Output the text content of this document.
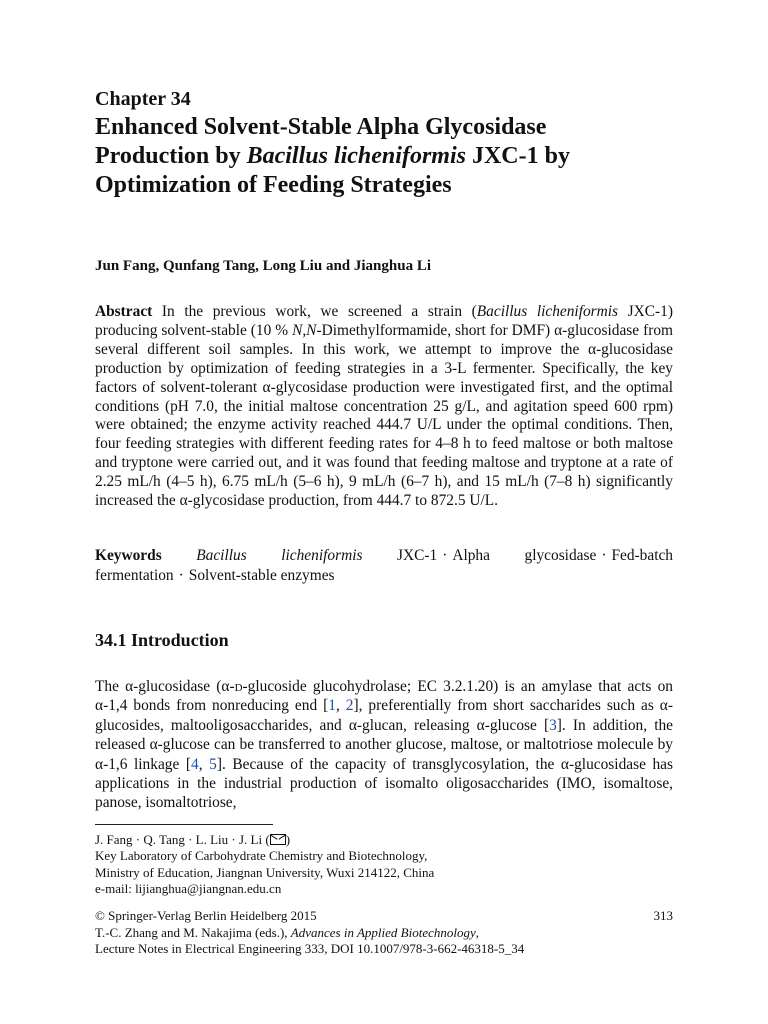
Chapter 34
Enhanced Solvent-Stable Alpha Glycosidase Production by Bacillus licheniformis JXC-1 by Optimization of Feeding Strategies
Jun Fang, Qunfang Tang, Long Liu and Jianghua Li
Abstract In the previous work, we screened a strain (Bacillus licheniformis JXC-1) producing solvent-stable (10 % N,N-Dimethylformamide, short for DMF) α-glucosidase from several different soil samples. In this work, we attempt to improve the α-glucosidase production by optimization of feeding strategies in a 3-L fermenter. Specifically, the key factors of solvent-tolerant α-glycosidase production were investigated first, and the optimal conditions (pH 7.0, the initial maltose concentration 25 g/L, and agitation speed 600 rpm) were obtained; the enzyme activity reached 444.7 U/L under the optimal conditions. Then, four feeding strategies with different feeding rates for 4–8 h to feed maltose or both maltose and tryptone were carried out, and it was found that feeding maltose and tryptone at a rate of 2.25 mL/h (4–5 h), 6.75 mL/h (5–6 h), 9 mL/h (6–7 h), and 15 mL/h (7–8 h) significantly increased the α-glycosidase production, from 444.7 to 872.5 U/L.
Keywords Bacillus licheniformis JXC-1 · Alpha glycosidase · Fed-batch fermentation · Solvent-stable enzymes
34.1 Introduction
The α-glucosidase (α-d-glucoside glucohydrolase; EC 3.2.1.20) is an amylase that acts on α-1,4 bonds from nonreducing end [1, 2], preferentially from short saccharides such as α-glucosides, maltooligosaccharides, and α-glucan, releasing α-glucose [3]. In addition, the released α-glucose can be transferred to another glucose, maltose, or maltotriose molecule by α-1,6 linkage [4, 5]. Because of the capacity of transglycosylation, the α-glucosidase has applications in the industrial production of isomalto oligosaccharides (IMO, isomaltose, panose, isomaltotriose,
J. Fang · Q. Tang · L. Liu · J. Li ( )
Key Laboratory of Carbohydrate Chemistry and Biotechnology,
Ministry of Education, Jiangnan University, Wuxi 214122, China
e-mail: lijianghua@jiangnan.edu.cn
© Springer-Verlag Berlin Heidelberg 2015	313
T.-C. Zhang and M. Nakajima (eds.), Advances in Applied Biotechnology,
Lecture Notes in Electrical Engineering 333, DOI 10.1007/978-3-662-46318-5_34
